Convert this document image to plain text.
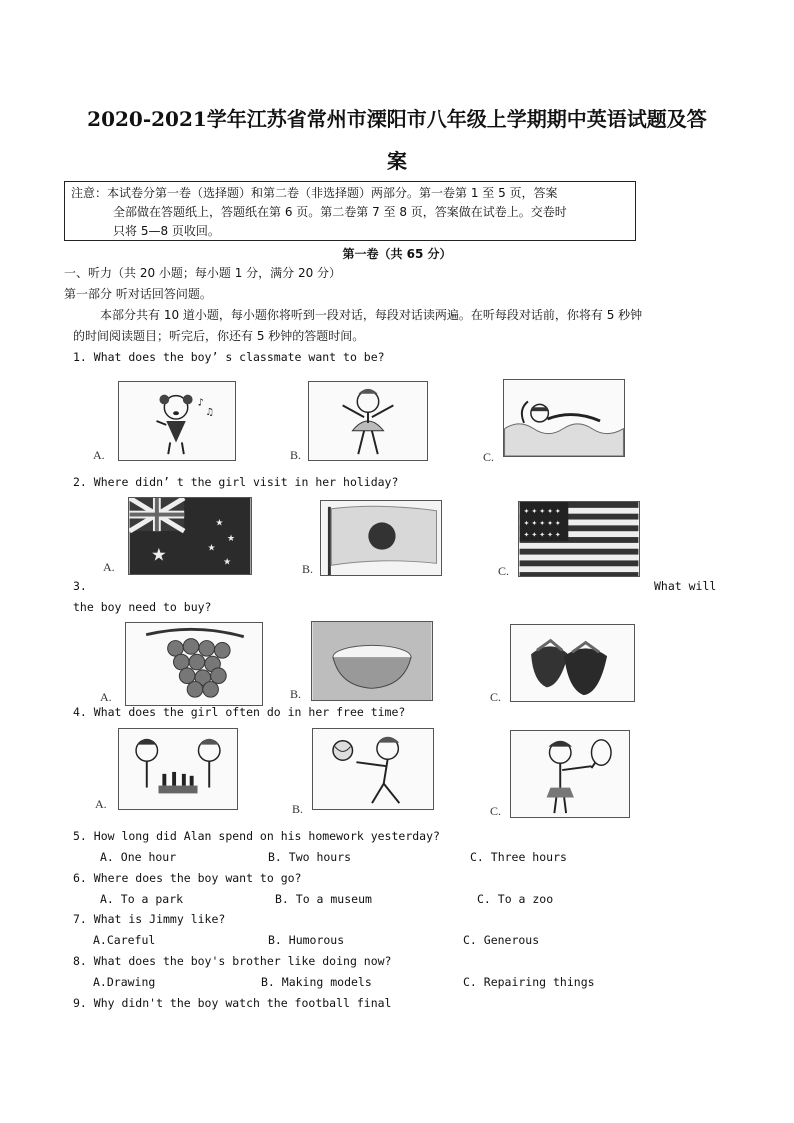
2020-2021学年江苏省常州市溧阳市八年级上学期期中英语试题及答
案
注意：本试卷分第一卷（选择题）和第二卷（非选择题）两部分。第一卷第 1 至 5 页，答案
全部做在答题纸上，答题纸在第 6 页。第二卷第 7 至 8 页，答案做在试卷上。交卷时
只将 5—8 页收回。
第一卷（共 65 分）
一、听力（共 20 小题；每小题 1 分，满分 20 分）
第一部分 听对话回答问题。
本部分共有 10 道小题，每小题你将听到一段对话，每段对话读两遍。在听每段对话前，你将有 5 秒钟
的时间阅读题目；听完后，你还有 5 秒钟的答题时间。
1. What does the boy’ s classmate want to be?
♪
♫
A.	B.	C.
2. Where didn’ t the girl visit in her holiday?
★
★
★
★
★
A.	B.
✦ ✦ ✦ ✦ ✦
✦ ✦ ✦ ✦ ✦
✦ ✦ ✦ ✦ ✦
C.
3.	What will
the boy need to buy?
A.	B.	C.
4. What does the girl often do in her free time?
A.	B.	C.
5. How long did Alan spend on his homework yesterday?
A. One hour	B. Two hours	C. Three hours
6. Where does the boy want to go?
A. To a park	B. To a museum	C. To a zoo
7. What is Jimmy like?
A.Careful	B. Humorous	C. Generous
8. What does the boy's brother like doing now?
A.Drawing	B. Making models	C. Repairing things
9. Why didn't the boy watch the football final
